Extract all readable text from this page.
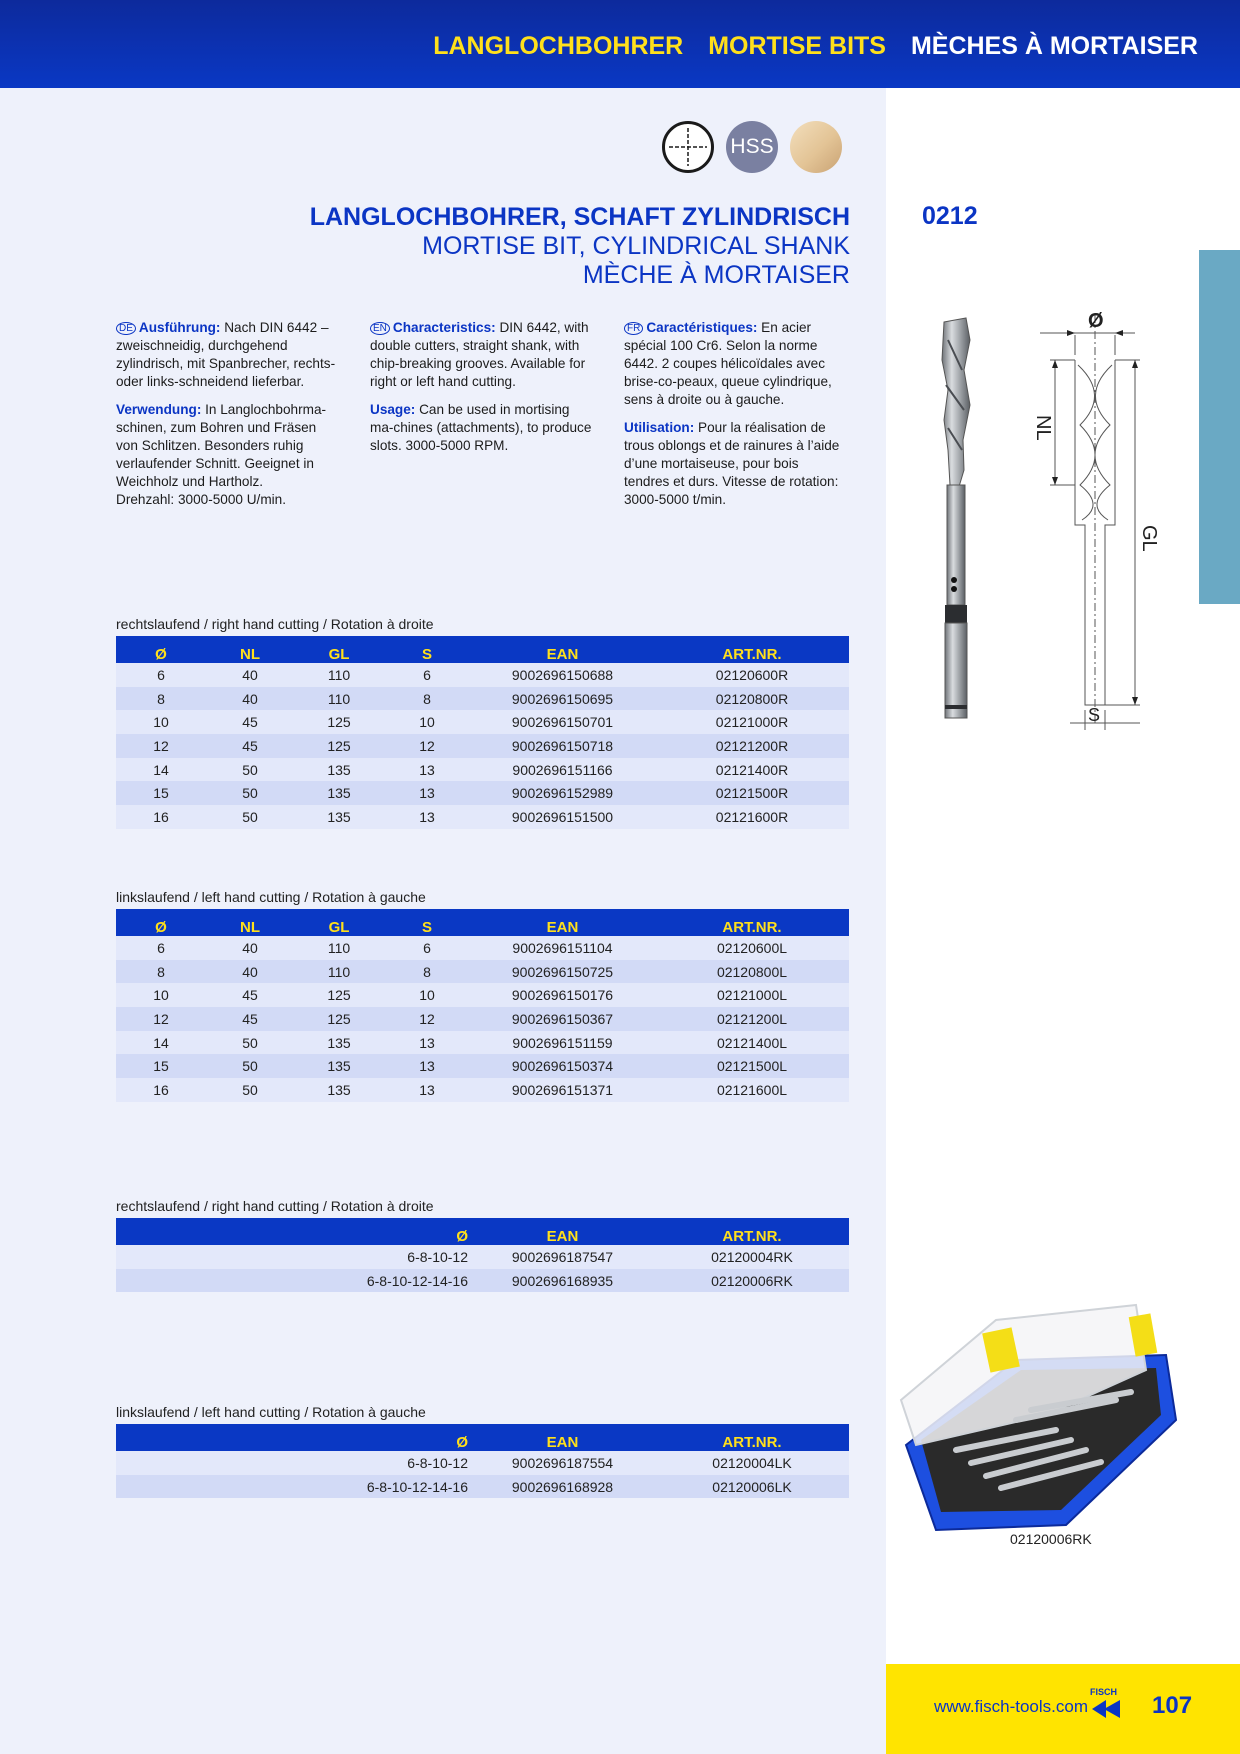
LANGLOCHBOHRER MORTISE BITS MÈCHES À MORTAISER
HSS
LANGLOCHBOHRER, SCHAFT ZYLINDRISCH
MORTISE BIT, CYLINDRICAL SHANK
MÈCHE À MORTAISER
0212

DE Ausführung: Nach DIN 6442 – zweischneidig, durchgehend zylindrisch, mit Spanbrecher, rechts- oder links-schneidend lieferbar.

Verwendung: In Langlochbohrma-schinen, zum Bohren und Fräsen von Schlitzen. Besonders ruhig verlaufender Schnitt. Geeignet in Weichholz und Hartholz.

Drehzahl: 3000-5000 U/min.

EN Characteristics: DIN 6442, with double cutters, straight shank, with chip-breaking grooves. Available for right or left hand cutting.

Usage: Can be used in mortising ma-chines (attachments), to produce slots. 3000-5000 RPM.

FR Caractéristiques: En acier spécial 100 Cr6. Selon la norme 6442. 2 coupes hélicoïdales avec brise-co-peaux, queue cylindrique, sens à droite ou à gauche.

Utilisation: Pour la réalisation de trous oblongs et de rainures à l’aide d’une mortaiseuse, pour bois tendres et durs. Vitesse de rotation: 3000-5000 t/min.

rechtslaufend / right hand cutting / Rotation à droite
Ø	NL	GL	S	EAN	ART.NR.
6	40	110	6	9002696150688	02120600R
8	40	110	8	9002696150695	02120800R
10	45	125	10	9002696150701	02121000R
12	45	125	12	9002696150718	02121200R
14	50	135	13	9002696151166	02121400R
15	50	135	13	9002696152989	02121500R
16	50	135	13	9002696151500	02121600R
linkslaufend / left hand cutting / Rotation à gauche
Ø	NL	GL	S	EAN	ART.NR.
6	40	110	6	9002696151104	02120600L
8	40	110	8	9002696150725	02120800L
10	45	125	10	9002696150176	02121000L
12	45	125	12	9002696150367	02121200L
14	50	135	13	9002696151159	02121400L
15	50	135	13	9002696150374	02121500L
16	50	135	13	9002696151371	02121600L
rechtslaufend / right hand cutting / Rotation à droite
Ø	EAN	ART.NR.
6-8-10-12	9002696187547	02120004RK
6-8-10-12-14-16	9002696168935	02120006RK
linkslaufend / left hand cutting / Rotation à gauche
Ø	EAN	ART.NR.
6-8-10-12	9002696187554	02120004LK
6-8-10-12-14-16	9002696168928	02120006LK
Ø
NL
GL
S
02120006RK
www.fisch-tools.com
FISCH 107
